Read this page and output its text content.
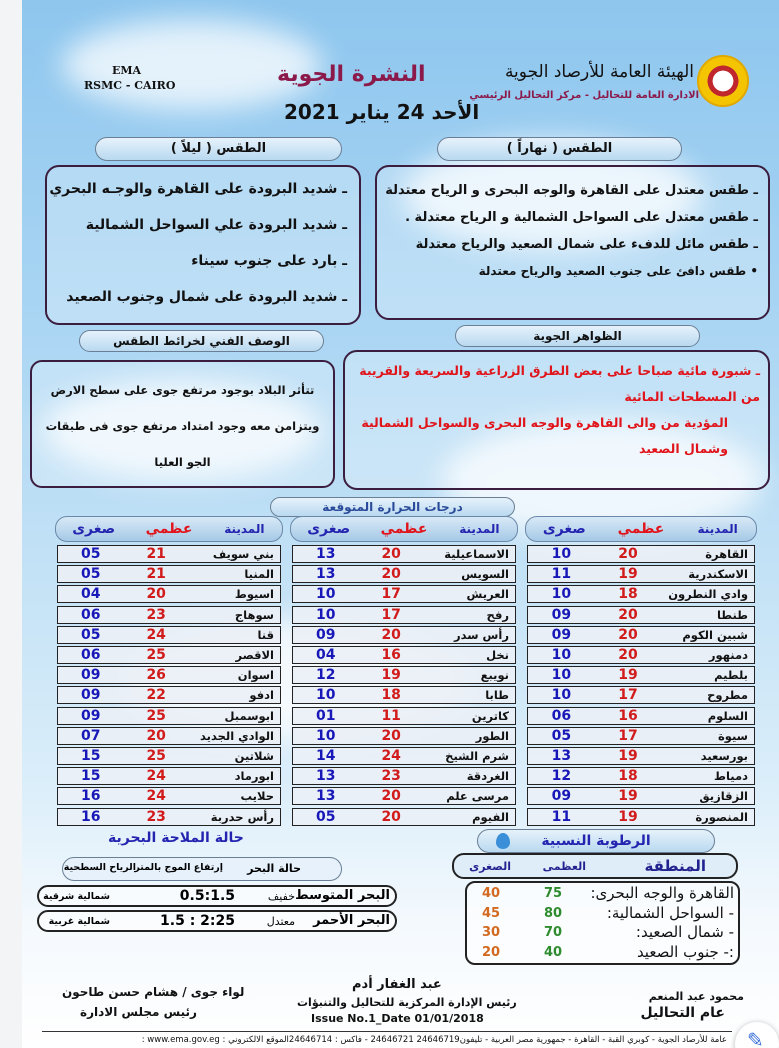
الهيئة العامة للأرصاد الجوية
الادارة العامة للتحاليل - مركز التحاليل الرئيسي
EMA
RSMC - CAIRO	النشرة الجوية
الأحد 24 يناير 2021
الطقس ( نهاراً )
الطقس ( ليلاً )
ـ طقس معتدل على القاهرة والوجه البحرى و الرياح معتدلة
ـ طقس معتدل على السواحل الشمالية و الرياح معتدلة .
ـ طقس مائل للدفء على شمال الصعيد والرياح معتدلة
• طقس دافئ على جنوب الصعيد والرياح معتدلة
ـ شديد البرودة على القاهرة والوجـه البحري
ـ شديد البرودة علي السواحل الشمالية
ـ بارد على جنوب سيناء
ـ شديد البرودة على شمال وجنوب الصعيد
الوصف الفني لخرائط الطقس	الظواهر الجوية
تتأثر البلاد بوجود مرتفع جوى على سطح الارض ويتزامن معه وجود امتداد مرتفع جوى فى طبقات الجو العليا
ـ شبورة مائية صباحا على بعض الطرق الزراعية والسريعة والقريبة من المسطحات المائية
المؤدية من والى القاهرة والوجه البحرى والسواحل الشمالية وشمال الصعيد
درجات الحرارة المتوقعة
المدينة
عظمي
صغرى
القاهرة
20
10
الاسكندرية
19
11
وادي النطرون
18
10
طنطا
20
09
شبين الكوم
20
09
دمنهور
20
10
بلطيم
19
10
مطروح
17
10
السلوم
16
06
سيوة
17
05
بورسعيد
19
13
دمياط
18
12
الزقازيق
19
09
المنصورة
19
11
المدينة
عظمي
صغرى
الاسماعيلية
20
13
السويس
20
13
العريش
17
10
رفح
17
10
رأس سدر
20
09
نخل
16
04
نويبع
19
12
طابا
18
10
كاترين
11
01
الطور
20
10
شرم الشيخ
24
14
الغردقة
23
13
مرسى علم
20
13
الفيوم
20
05
المدينة
عظمي
صغرى
بني سويف
21
05
المنيا
21
05
اسيوط
20
04
سوهاج
23
06
قنا
24
05
الاقصر
25
06
اسوان
26
09
ادفو
22
09
ابوسمبل
25
09
الوادي الجديد
20
07
شلاتين
25
15
ابورماد
24
15
حلايب
24
16
رأس حدربة
23
16
الرطوبة النسبية
المنطقة
العظمى
الصغرى
القاهرة والوجه البحرى:
75
40
- السواحل الشمالية:
80
45
- شمال الصعيد:
70
30
:- جنوب الصعيد
40
20
حالة الملاحة البحرية
حالة البحر
إرتفاع الموج بالمتر
الرياح السطحية
البحر المتوسط
خفيف
0.5:1.5
شمالية شرقية
البحر الأحمر
معتدل
1.5 : 2:25
شمالية غربية
محمود عبد المنعم
عام التحاليل
عبد الغفار أدم
رئيس الإدارة المركزية للتحاليل والتنبؤات
Issue No.1_Date 01/01/2018
لواء جوى / هشام حسن طاحون
رئيس مجلس الادارة
عامة للأرصاد الجوية - كوبري القبة - القاهرة - جمهورية مصر العربية - تليفون24646719 24646721 - فاكس : 24646714الموقع الالكتروني : www.ema.gov.eg : ✎
